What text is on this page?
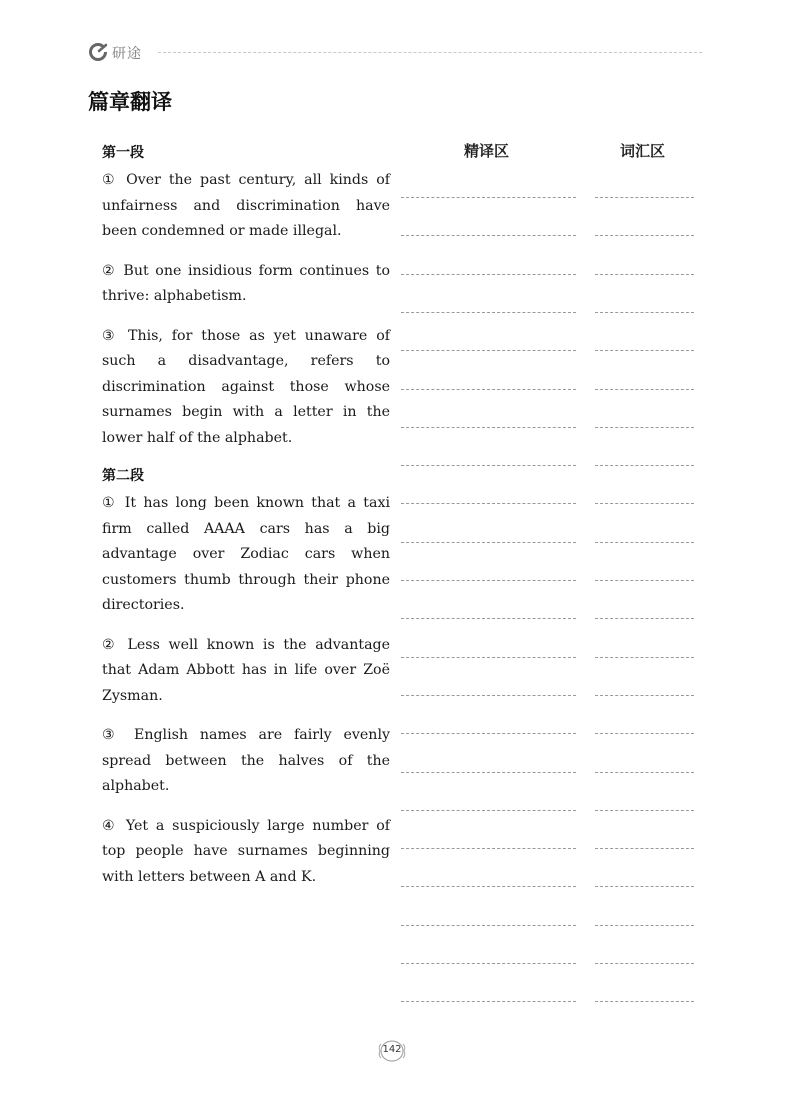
研途
篇章翻译
精译区	词汇区
第一段
① Over the past century, all kinds of unfairness and discrimination have been condemned or made illegal.
② But one insidious form continues to thrive: alphabetism.
③ This, for those as yet unaware of such a disadvantage, refers to discrimination against those whose surnames begin with a letter in the lower half of the alphabet.
第二段
① It has long been known that a taxi firm called AAAA cars has a big advantage over Zodiac cars when customers thumb through their phone directories.
② Less well known is the advantage that Adam Abbott has in life over Zoë Zysman.
③ English names are fairly evenly spread between the halves of the alphabet.
④ Yet a suspiciously large number of top people have surnames beginning with letters between A and K.
142
